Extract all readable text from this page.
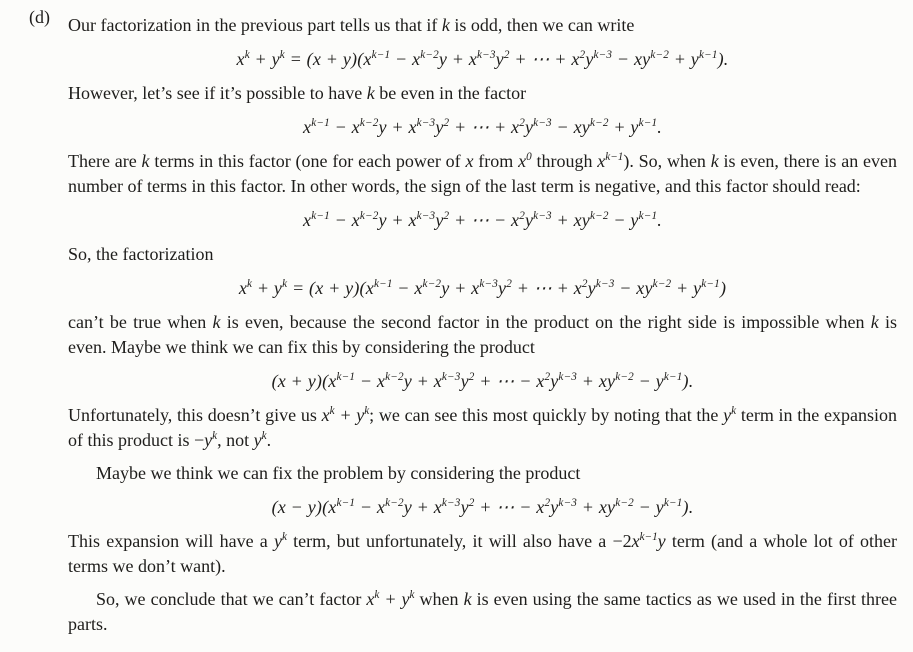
(d) Our factorization in the previous part tells us that if k is odd, then we can write
$x^k + y^k = (x + y)(x^{k-1} - x^{k-2}y + x^{k-3}y^2$ + ⋯ + $x^2y^{k-3} - xy^{k-2} + y^{k-1}$).
However, let’s see if it’s possible to have k be even in the factor
$x^{k-1} - x^{k-2}y + x^{k-3}y^2$ + ⋯ + $x^2y^{k-3} - xy^{k-2} + y^{k-1}$.
There are k terms in this factor (one for each power of x from $x^0$ through $x^{k-1}$). So, when k is even, there is an even number of terms in this factor. In other words, the sign of the last term is negative, and this factor should read:
$x^{k-1} - x^{k-2}y + x^{k-3}y^2$ + ⋯ − $x^2y^{k-3} + xy^{k-2} - y^{k-1}$.
So, the factorization
$x^k + y^k = (x + y)(x^{k-1} - x^{k-2}y + x^{k-3}y^2$ + ⋯ + $x^2y^{k-3} - xy^{k-2} + y^{k-1}$)
can’t be true when k is even, because the second factor in the product on the right side is impossible when k is even. Maybe we think we can fix this by considering the product
$(x + y)(x^{k-1} - x^{k-2}y + x^{k-3}y^2$ + ⋯ − $x^2y^{k-3} + xy^{k-2} - y^{k-1}$).
Unfortunately, this doesn’t give us $x^k + y^k$; we can see this most quickly by noting that the $y^k$ term in the expansion of this product is $-y^k$, not $y^k$.
Maybe we think we can fix the problem by considering the product
$(x - y)(x^{k-1} - x^{k-2}y + x^{k-3}y^2$ + ⋯ − $x^2y^{k-3} + xy^{k-2} - y^{k-1}$).
This expansion will have a $y^k$ term, but unfortunately, it will also have $a -2x^{k-1}y$ term (and a whole lot of other terms we don’t want).
So, we conclude that we can’t factor $x^k + y^k$ when k is even using the same tactics as we used in the first three parts.
